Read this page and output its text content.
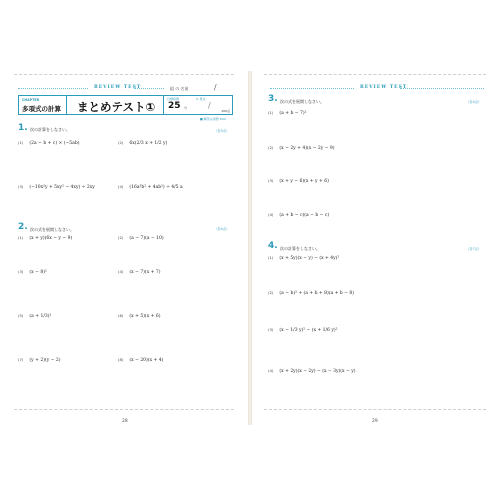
REVIEW TEST	組 の 名前	/	REVIEW TEST
CHAPTER
多項式の計算 まとめテスト①
目標時間
25 分
✎ 得点
/
100点
■ 解答は別冊 P.00
1. 次の計算をしなさい。	（各5点）
(1) (2a − b + c) × (−5ab)	(2) 6x(2/3 x + 1/2 y)
(3) (−10x²y + 5xy² − 4xy) ÷ 2xy	(4) (16a³b² + 4ab²) ÷ 4/5 a
2. 次の式を展開しなさい。	（各4点）
(1) (x + y)(6x − y − 9)	(2) (a − 7)(a − 10)
(3) (x − 8)²	(4) (x − 7)(x + 7)
(5) (a + 1/3)²	(6) (x + 5)(x + 6)
(7) (y + 2)(y − 2)	(8) (x − 20)(x + 4)
3. 次の式を展開しなさい。	（各4点）
(1) (a + b − 7)²
(2) (x − 2y + 4)(x − 2y − 9)
(3) (x + y − 6)(x + y + 6)
(4) (a + b − c)(a − b − c)
4. 次の計算をしなさい。	（各7点）
(1) (x + 5y)(x − y) − (x + 4y)²
(2) (a − b)² + (a + b + 8)(a + b − 8)
(3) (x − 1/3 y)² − (x + 1/6 y)²
(4) (x + 2y)(x − 2y) − (x − 3y)(x − y)
28	29
